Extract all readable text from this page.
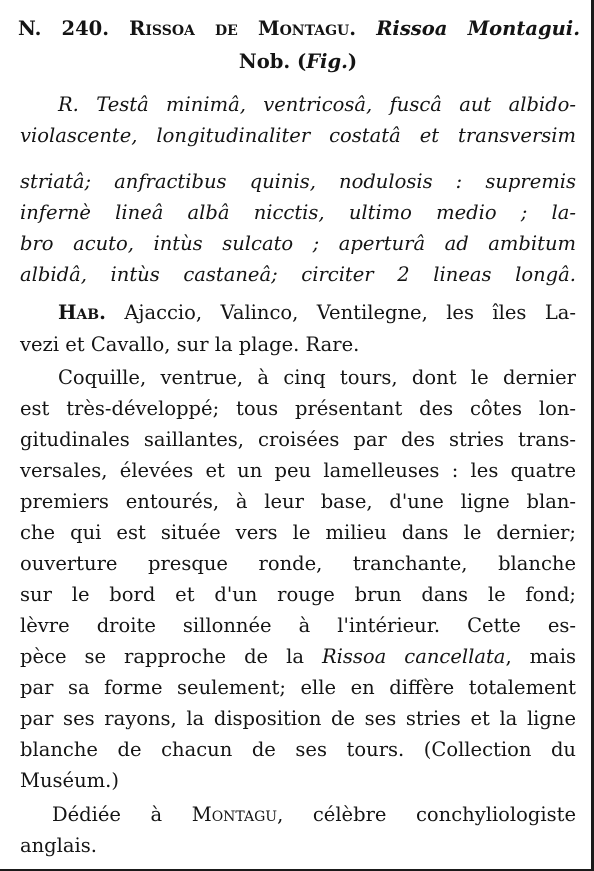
N. 240. Rissoa de Montagu. Rissoa Montagui.
Nob. (Fig.)
R. Testâ minimâ, ventricosâ, fuscâ aut albido-
violascente, longitudinaliter costatâ et transversim
striatâ; anfractibus quinis, nodulosis : supremis
infernè lineâ albâ nicctis, ultimo medio ; la-
bro acuto, intùs sulcato ; aperturâ ad ambitum
albidâ, intùs castaneâ; circiter 2 lineas longâ.
Hab. Ajaccio, Valinco, Ventilegne, les îles La-
vezi et Cavallo, sur la plage. Rare.
Coquille, ventrue, à cinq tours, dont le dernier
est très-développé; tous présentant des côtes lon-
gitudinales saillantes, croisées par des stries trans-
versales, élevées et un peu lamelleuses : les quatre
premiers entourés, à leur base, d'une ligne blan-
che qui est située vers le milieu dans le dernier;
ouverture presque ronde, tranchante, blanche
sur le bord et d'un rouge brun dans le fond;
lèvre droite sillonnée à l'intérieur. Cette es-
pèce se rapproche de la Rissoa cancellata, mais
par sa forme seulement; elle en diffère totalement
par ses rayons, la disposition de ses stries et la ligne
blanche de chacun de ses tours. (Collection du
Muséum.)
Dédiée à Montagu, célèbre conchyliologiste
anglais.
